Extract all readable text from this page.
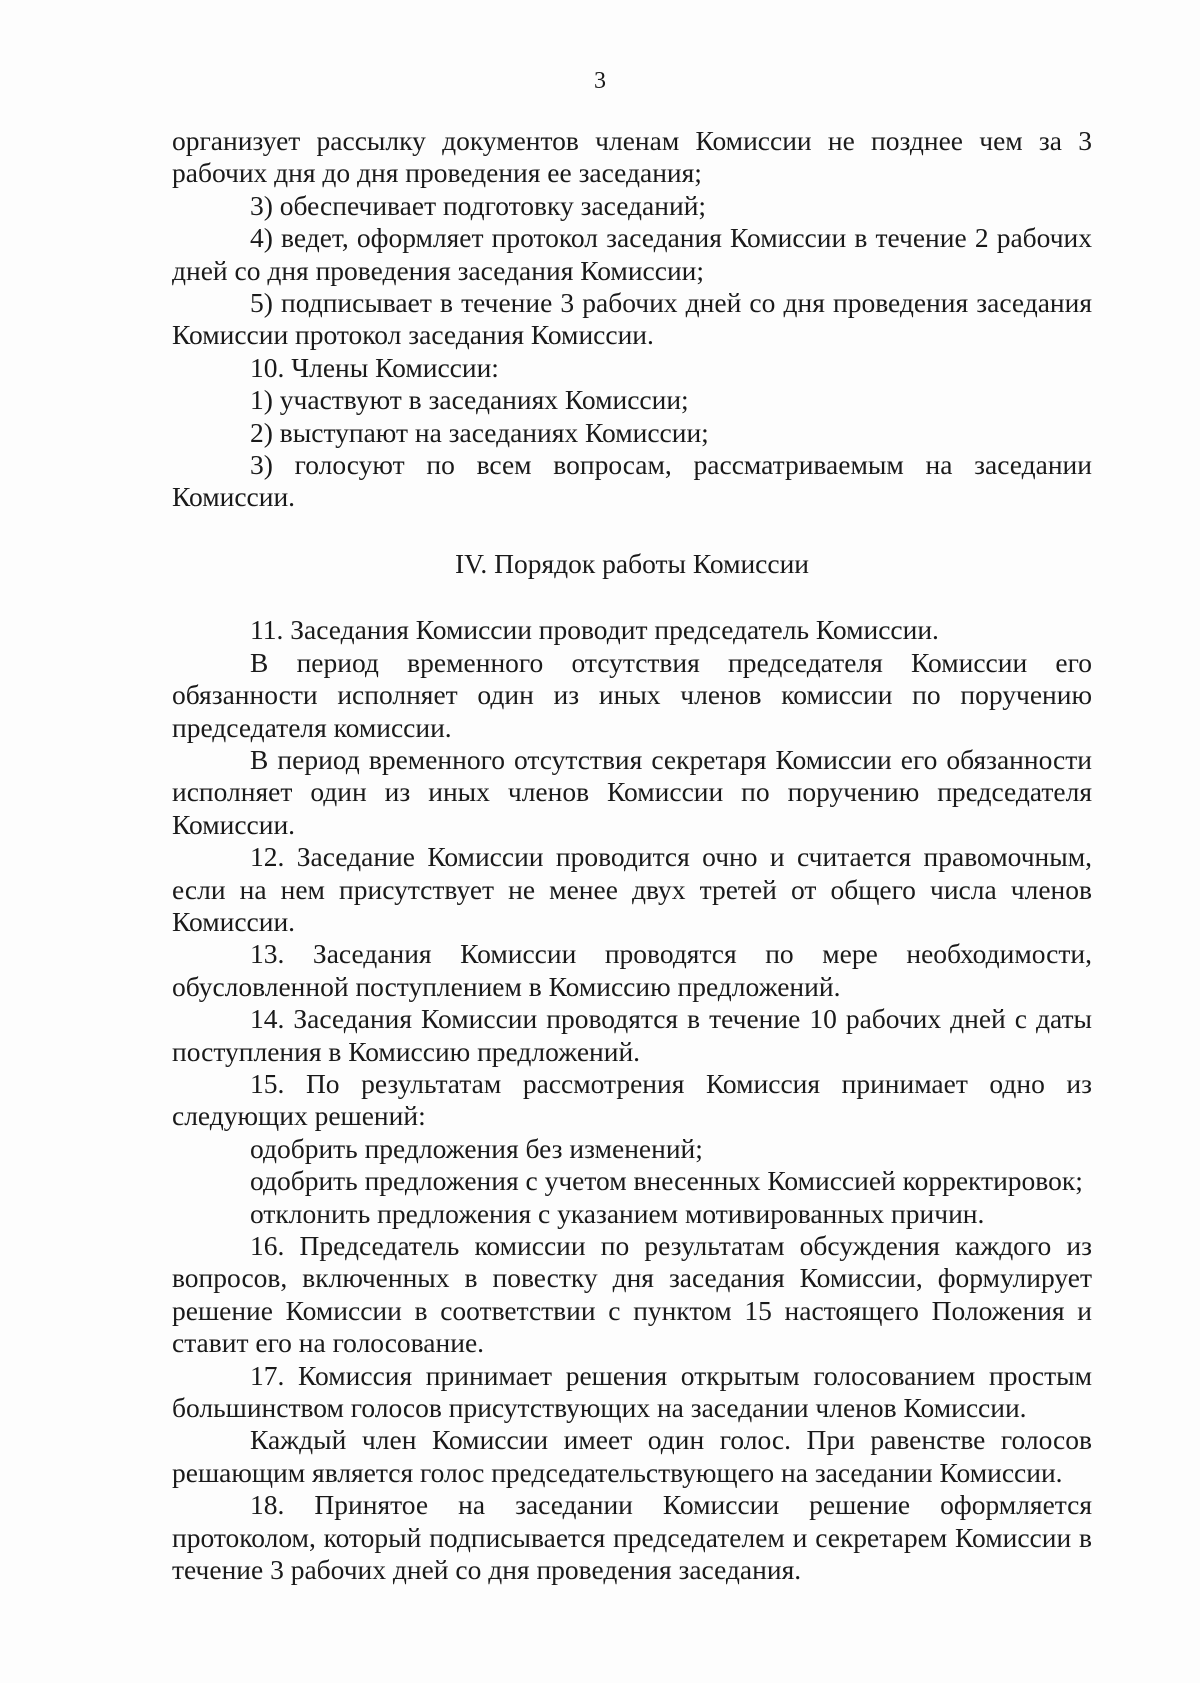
3

организует рассылку документов членам Комиссии не позднее чем за 3 рабочих дня до дня проведения ее заседания;

3) обеспечивает подготовку заседаний;

4) ведет, оформляет протокол заседания Комиссии в течение 2 рабочих дней со дня проведения заседания Комиссии;

5) подписывает в течение 3 рабочих дней со дня проведения заседания Комиссии протокол заседания Комиссии.

10. Члены Комиссии:

1) участвуют в заседаниях Комиссии;

2) выступают на заседаниях Комиссии;

3) голосуют по всем вопросам, рассматриваемым на заседании Комиссии.

IV. Порядок работы Комиссии

11. Заседания Комиссии проводит председатель Комиссии.

В период временного отсутствия председателя Комиссии его обязанности исполняет один из иных членов комиссии по поручению председателя комиссии.

В период временного отсутствия секретаря Комиссии его обязанности исполняет один из иных членов Комиссии по поручению председателя Комиссии.

12. Заседание Комиссии проводится очно и считается правомочным, если на нем присутствует не менее двух третей от общего числа членов Комиссии.

13. Заседания Комиссии проводятся по мере необходимости, обусловленной поступлением в Комиссию предложений.

14. Заседания Комиссии проводятся в течение 10 рабочих дней с даты поступления в Комиссию предложений.

15. По результатам рассмотрения Комиссия принимает одно из следующих решений:

одобрить предложения без изменений;

одобрить предложения с учетом внесенных Комиссией корректировок;

отклонить предложения с указанием мотивированных причин.

16. Председатель комиссии по результатам обсуждения каждого из вопросов, включенных в повестку дня заседания Комиссии, формулирует решение Комиссии в соответствии с пунктом 15 настоящего Положения и ставит его на голосование.

17. Комиссия принимает решения открытым голосованием простым большинством голосов присутствующих на заседании членов Комиссии.

Каждый член Комиссии имеет один голос. При равенстве голосов решающим является голос председательствующего на заседании Комиссии.

18. Принятое на заседании Комиссии решение оформляется протоколом, который подписывается председателем и секретарем Комиссии в течение 3 рабочих дней со дня проведения заседания.
